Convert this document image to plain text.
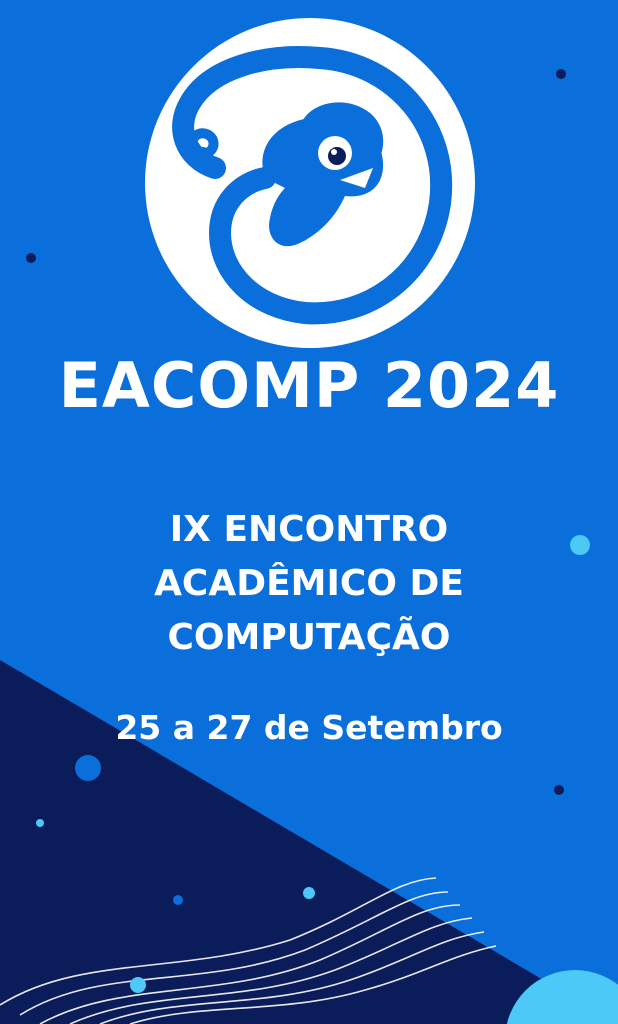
EACOMP 2024
IX ENCONTRO
ACADÊMICO DE
COMPUTAÇÃO
25 a 27 de Setembro
